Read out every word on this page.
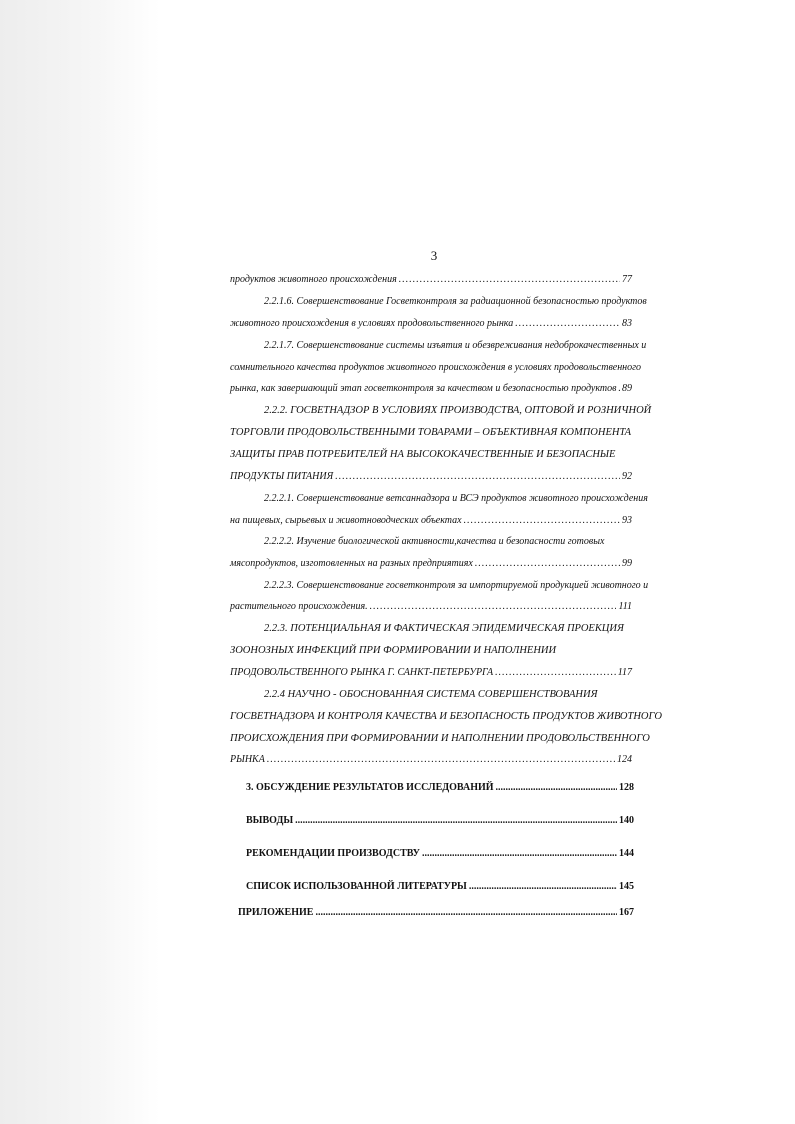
3
продуктов животного происхождения .....	77
2.2.1.6. Совершенствование Госветконтроля за радиационной безопасностью продуктов
животного происхождения в условиях продовольственного рынка .....	83
2.2.1.7. Совершенствование системы изъятия и обезвреживания недоброкачественных и
сомнительного качества продуктов животного происхождения в условиях продовольственного
рынка, как завершающий этап госветконтроля за качеством и безопасностью продуктов ..... 89
2.2.2. ГОСВЕТНАДЗОР В УСЛОВИЯХ ПРОИЗВОДСТВА, ОПТОВОЙ И РОЗНИЧНОЙ
ТОРГОВЛИ ПРОДОВОЛЬСТВЕННЫМИ ТОВАРАМИ – ОБЪЕКТИВНАЯ КОМПОНЕНТА
ЗАЩИТЫ ПРАВ ПОТРЕБИТЕЛЕЙ НА ВЫСОКОКАЧЕСТВЕННЫЕ И БЕЗОПАСНЫЕ
ПРОДУКТЫ ПИТАНИЯ .....	92
2.2.2.1. Совершенствование ветсаннадзора и ВСЭ продуктов животного происхождения
на пищевых, сырьевых и животноводческих объектах .....	93
2.2.2.2. Изучение биологической активности,качества и безопасности готовых
мясопродуктов, изготовленных на разных предприятиях .....	99
2.2.2.3. Совершенствование госветконтроля за импортируемой продукцией животного и
растительного происхождения. .....	111
2.2.3. ПОТЕНЦИАЛЬНАЯ И ФАКТИЧЕСКАЯ ЭПИДЕМИЧЕСКАЯ ПРОЕКЦИЯ
ЗООНОЗНЫХ ИНФЕКЦИЙ ПРИ ФОРМИРОВАНИИ И НАПОЛНЕНИИ
ПРОДОВОЛЬСТВЕННОГО РЫНКА Г. САНКТ-ПЕТЕРБУРГА .....	117
2.2.4 НАУЧНО - ОБОСНОВАННАЯ СИСТЕМА СОВЕРШЕНСТВОВАНИЯ
ГОСВЕТНАДЗОРА И КОНТРОЛЯ КАЧЕСТВА И БЕЗОПАСНОСТЬ ПРОДУКТОВ ЖИВОТНОГО
ПРОИСХОЖДЕНИЯ ПРИ ФОРМИРОВАНИИ И НАПОЛНЕНИИ ПРОДОВОЛЬСТВЕННОГО
РЫНКА .....	124
3. ОБСУЖДЕНИЕ РЕЗУЛЬТАТОВ ИССЛЕДОВАНИЙ .....	128
ВЫВОДЫ .....	140
РЕКОМЕНДАЦИИ ПРОИЗВОДСТВУ .....	144
СПИСОК ИСПОЛЬЗОВАННОЙ ЛИТЕРАТУРЫ .....	145
ПРИЛОЖЕНИЕ .....	167
